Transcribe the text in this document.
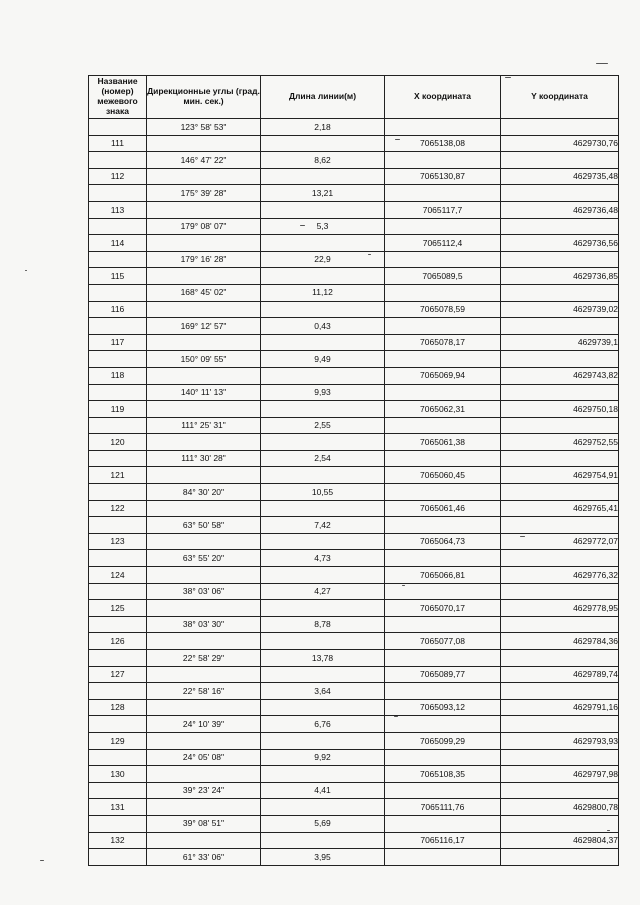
Название (номер) межевого знака	Дирекционные углы (град. мин. сек.)	Длина линии(м)	X координата	Y координата
	123° 58' 53"	2,18		
111			7065138,08	4629730,76
	146° 47' 22"	8,62		
112			7065130,87	4629735,48
	175° 39' 28"	13,21		
113			7065117,7	4629736,48
	179° 08' 07"	5,3		
114			7065112,4	4629736,56
	179° 16' 28"	22,9		
115			7065089,5	4629736,85
	168° 45' 02"	11,12		
116			7065078,59	4629739,02
	169° 12' 57"	0,43		
117			7065078,17	4629739,1
	150° 09' 55"	9,49		
118			7065069,94	4629743,82
	140° 11' 13"	9,93		
119			7065062,31	4629750,18
	111° 25' 31"	2,55		
120			7065061,38	4629752,55
	111° 30' 28"	2,54		
121			7065060,45	4629754,91
	84° 30' 20"	10,55		
122			7065061,46	4629765,41
	63° 50' 58"	7,42		
123			7065064,73	4629772,07
	63° 55' 20"	4,73		
124			7065066,81	4629776,32
	38° 03' 06"	4,27		
125			7065070,17	4629778,95
	38° 03' 30"	8,78		
126			7065077,08	4629784,36
	22° 58' 29"	13,78		
127			7065089,77	4629789,74
	22° 58' 16"	3,64		
128			7065093,12	4629791,16
	24° 10' 39"	6,76		
129			7065099,29	4629793,93
	24° 05' 08"	9,92		
130			7065108,35	4629797,98
	39° 23' 24"	4,41		
131			7065111,76	4629800,78
	39° 08' 51"	5,69		
132			7065116,17	4629804,37
	61° 33' 06"	3,95		
